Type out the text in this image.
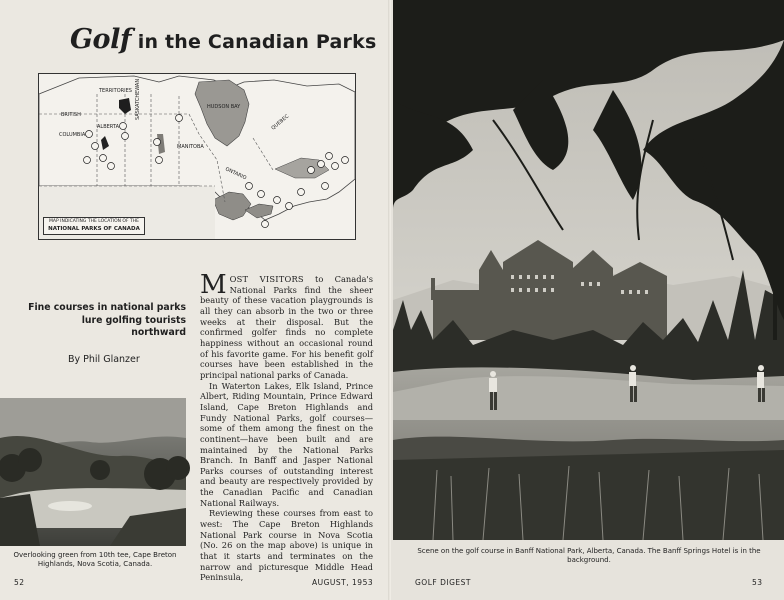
Golf in the Canadian Parks
HUDSON BAY
BRITISH
ALBERTA
COLUMBIA
SASKATCHEWAN
MANITOBA
ONTARIO
QUEBEC
TERRITORIES
MAP INDICATING THE LOCATION OF THE
NATIONAL PARKS OF CANADA
Fine courses in national parks lure golfing tourists northward
By Phil Glanzer
Overlooking green from 10th tee, Cape Breton Highlands, Nova Scotia, Canada.

MOST VISITORS to Canada's National Parks find the sheer beauty of these vacation playgrounds is all they can absorb in the two or three weeks at their disposal. But the confirmed golfer finds no complete happiness without an occasional round of his favorite game. For his benefit golf courses have been established in the principal national parks of Canada.

In Waterton Lakes, Elk Island, Prince Albert, Riding Mountain, Prince Edward Island, Cape Breton Highlands and Fundy National Parks, golf courses—some of them among the finest on the continent—have been built and are maintained by the National Parks Branch. In Banff and Jasper National Parks courses of outstanding interest and beauty are respectively provided by the Canadian Pacific and Canadian National Railways.

Reviewing these courses from east to west: The Cape Breton Highlands National Park course in Nova Scotia (No. 26 on the map above) is unique in that it starts and terminates on the narrow and picturesque Middle Head Peninsula,

52	AUGUST, 1953
Scene on the golf course in Banff National Park, Alberta, Canada. The Banff Springs Hotel is in the background.
GOLF DIGEST	53
